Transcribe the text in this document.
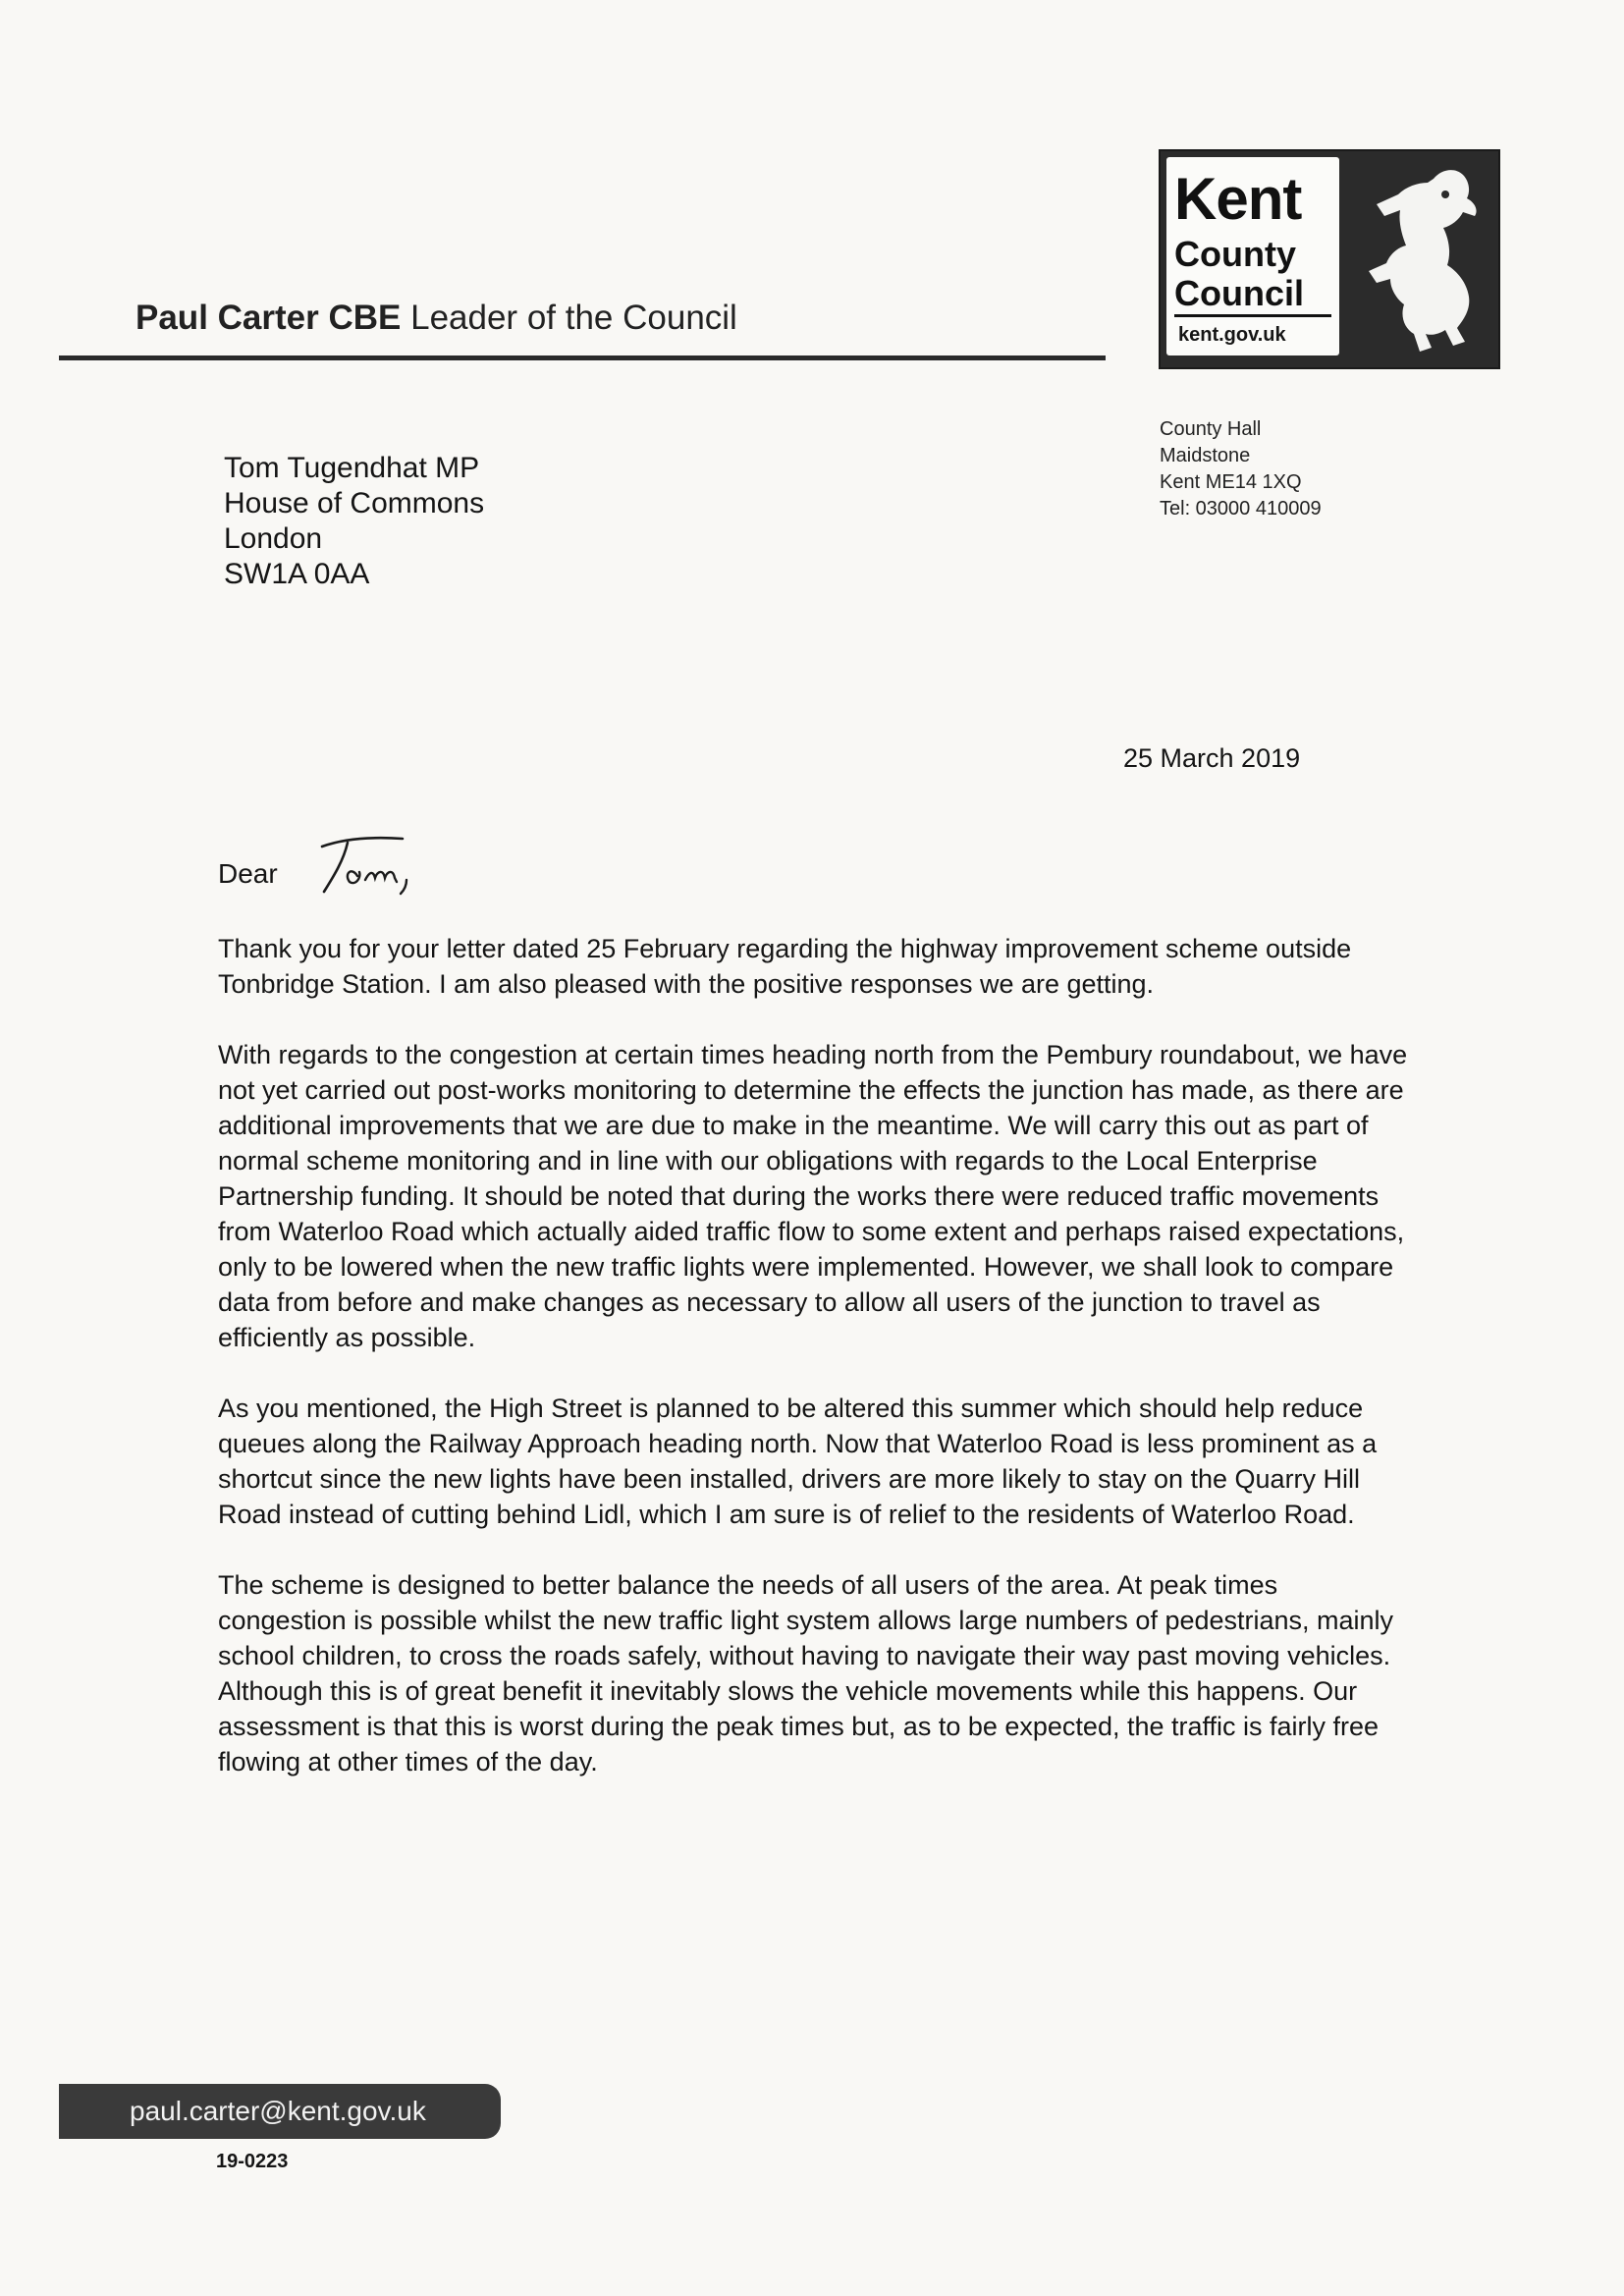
Paul Carter CBE Leader of the Council
Kent
County
Council
kent.gov.uk
County Hall
Maidstone
Kent ME14 1XQ
Tel: 03000 410009
Tom Tugendhat MP
House of Commons
London
SW1A 0AA
25 March 2019
Dear

Thank you for your letter dated 25 February regarding the highway improvement scheme outside Tonbridge Station. I am also pleased with the positive responses we are getting.

With regards to the congestion at certain times heading north from the Pembury roundabout, we have not yet carried out post-works monitoring to determine the effects the junction has made, as there are additional improvements that we are due to make in the meantime. We will carry this out as part of normal scheme monitoring and in line with our obligations with regards to the Local Enterprise Partnership funding. It should be noted that during the works there were reduced traffic movements from Waterloo Road which actually aided traffic flow to some extent and perhaps raised expectations, only to be lowered when the new traffic lights were implemented. However, we shall look to compare data from before and make changes as necessary to allow all users of the junction to travel as efficiently as possible.

As you mentioned, the High Street is planned to be altered this summer which should help reduce queues along the Railway Approach heading north. Now that Waterloo Road is less prominent as a shortcut since the new lights have been installed, drivers are more likely to stay on the Quarry Hill Road instead of cutting behind Lidl, which I am sure is of relief to the residents of Waterloo Road.

The scheme is designed to better balance the needs of all users of the area. At peak times congestion is possible whilst the new traffic light system allows large numbers of pedestrians, mainly school children, to cross the roads safely, without having to navigate their way past moving vehicles. Although this is of great benefit it inevitably slows the vehicle movements while this happens. Our assessment is that this is worst during the peak times but, as to be expected, the traffic is fairly free flowing at other times of the day.

paul.carter@kent.gov.uk
19-0223
